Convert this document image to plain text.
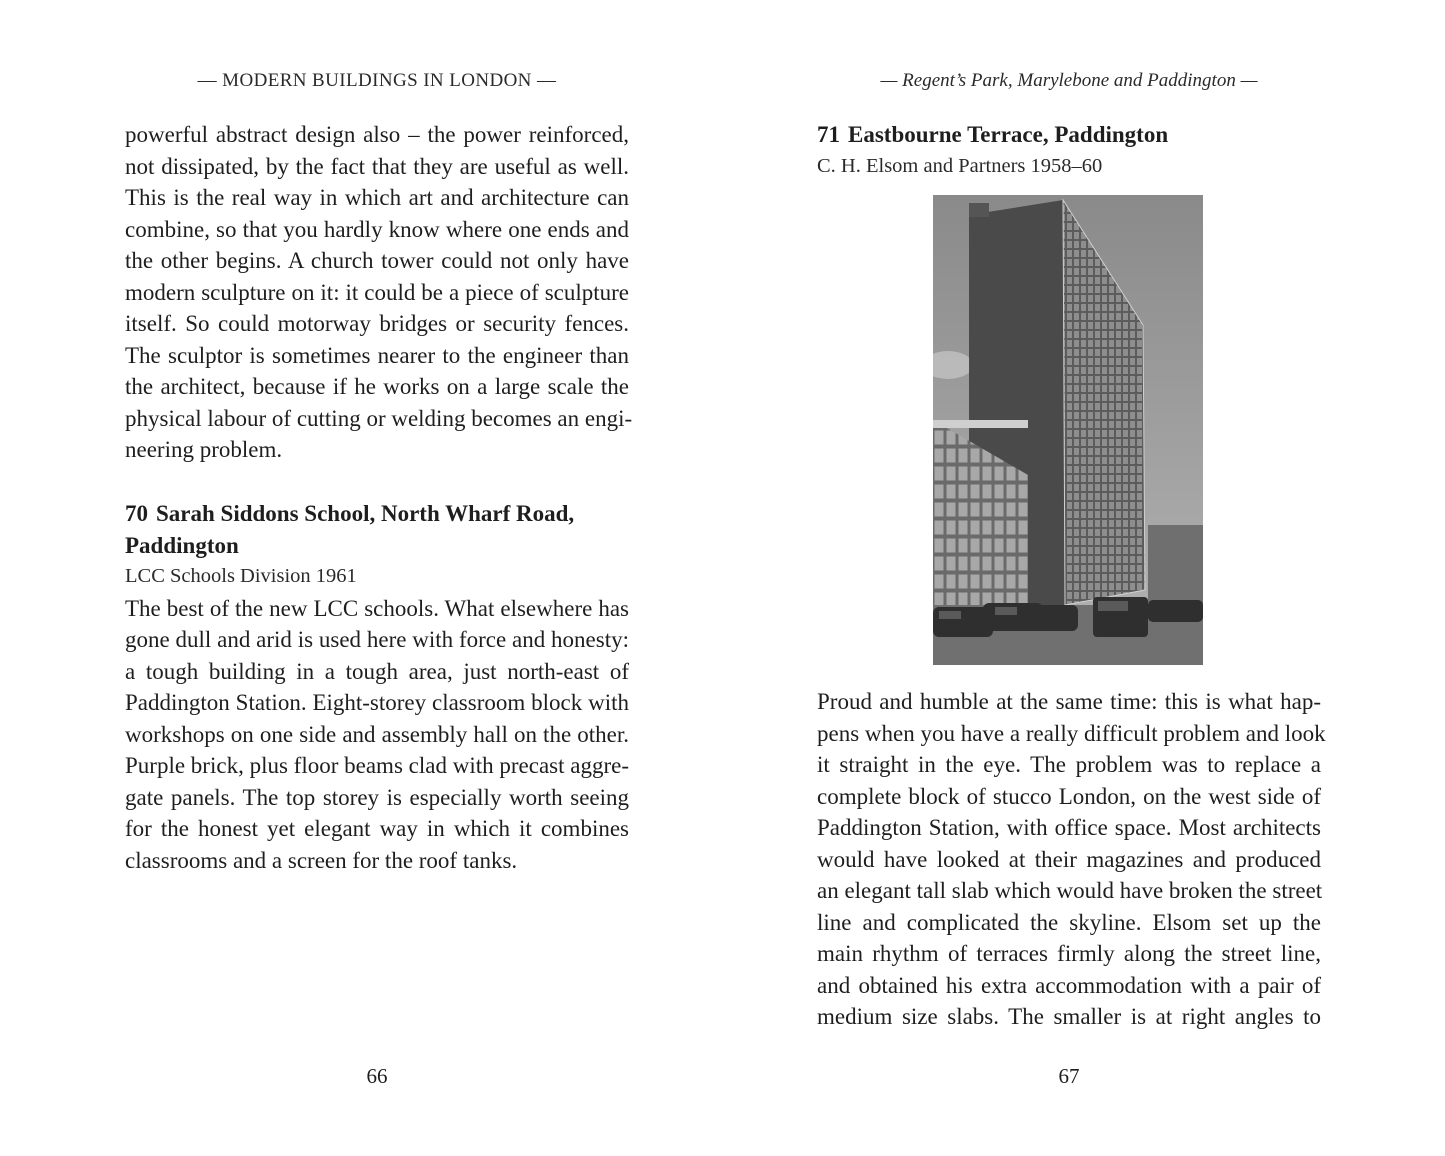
— MODERN BUILDINGS IN LONDON —
powerful abstract design also – the power reinforced,
not dissipated, by the fact that they are useful as well.
This is the real way in which art and architecture can
combine, so that you hardly know where one ends and
the other begins. A church tower could not only have
modern sculpture on it: it could be a piece of sculpture
itself. So could motorway bridges or security fences.
The sculptor is sometimes nearer to the engineer than
the architect, because if he works on a large scale the
physical labour of cutting or welding becomes an engi-
neering problem.
70 Sarah Siddons School, North Wharf Road,
Paddington
LCC Schools Division 1961
The best of the new LCC schools. What elsewhere has
gone dull and arid is used here with force and honesty:
a tough building in a tough area, just north-east of
Paddington Station. Eight-storey classroom block with
workshops on one side and assembly hall on the other.
Purple brick, plus floor beams clad with precast aggre-
gate panels. The top storey is especially worth seeing
for the honest yet elegant way in which it combines
classrooms and a screen for the roof tanks.
66
— Regent’s Park, Marylebone and Paddington —
71 Eastbourne Terrace, Paddington
C. H. Elsom and Partners 1958–60
Proud and humble at the same time: this is what hap-
pens when you have a really difficult problem and look
it straight in the eye. The problem was to replace a
complete block of stucco London, on the west side of
Paddington Station, with office space. Most architects
would have looked at their magazines and produced
an elegant tall slab which would have broken the street
line and complicated the skyline. Elsom set up the
main rhythm of terraces firmly along the street line,
and obtained his extra accommodation with a pair of
medium size slabs. The smaller is at right angles to
67
